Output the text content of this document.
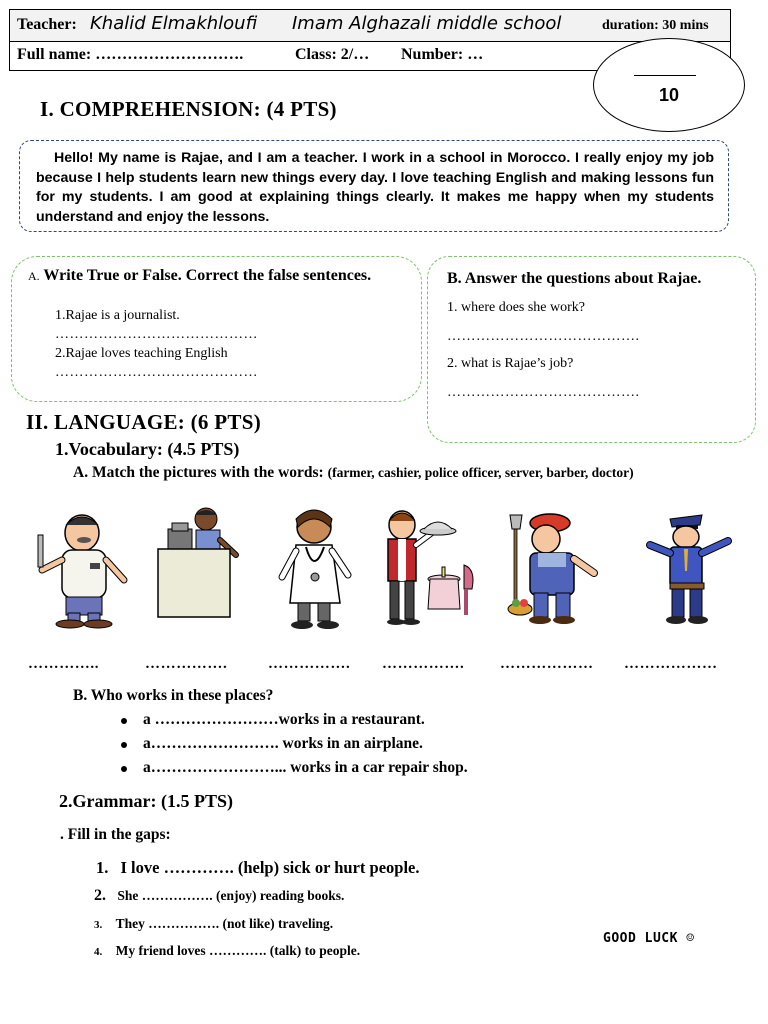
Teacher: Khalid Elmakhloufi Imam Alghazali middle school	duration: 30 mins
Full name: ……………………….	Class: 2/… Number: …
10
I. COMPREHENSION: (4 PTS)
Hello! My name is Rajae, and I am a teacher. I work in a school in Morocco. I really enjoy my job because I help students learn new things every day. I love teaching English and making lessons fun for my students. I am good at explaining things clearly. It makes me happy when my students understand and enjoy the lessons.
A. Write True or False. Correct the false sentences.
1.Rajae is a journalist.
……………………………………
2.Rajae loves teaching English
……………………………………
B. Answer the questions about Rajae.
1. where does she work?
………………………………….
2. what is Rajae’s job?
………………………………….
II. LANGUAGE: (6 PTS)
1.Vocabulary: (4.5 PTS)
A. Match the pictures with the words: (farmer, cashier, police officer, server, barber, doctor)
…………..	…………….	……………. ……………. ……………… ………………
B. Who works in these places?
a ……………………works in a restaurant.
a……………………. works in an airplane.
a……………………... works in a car repair shop.
2.Grammar: (1.5 PTS)
. Fill in the gaps:
1. I love …………. (help) sick or hurt people.
2. She ……………. (enjoy) reading books.
3. They ……………. (not like) traveling.
4. My friend loves …………. (talk) to people.
GOOD LUCK ☺
